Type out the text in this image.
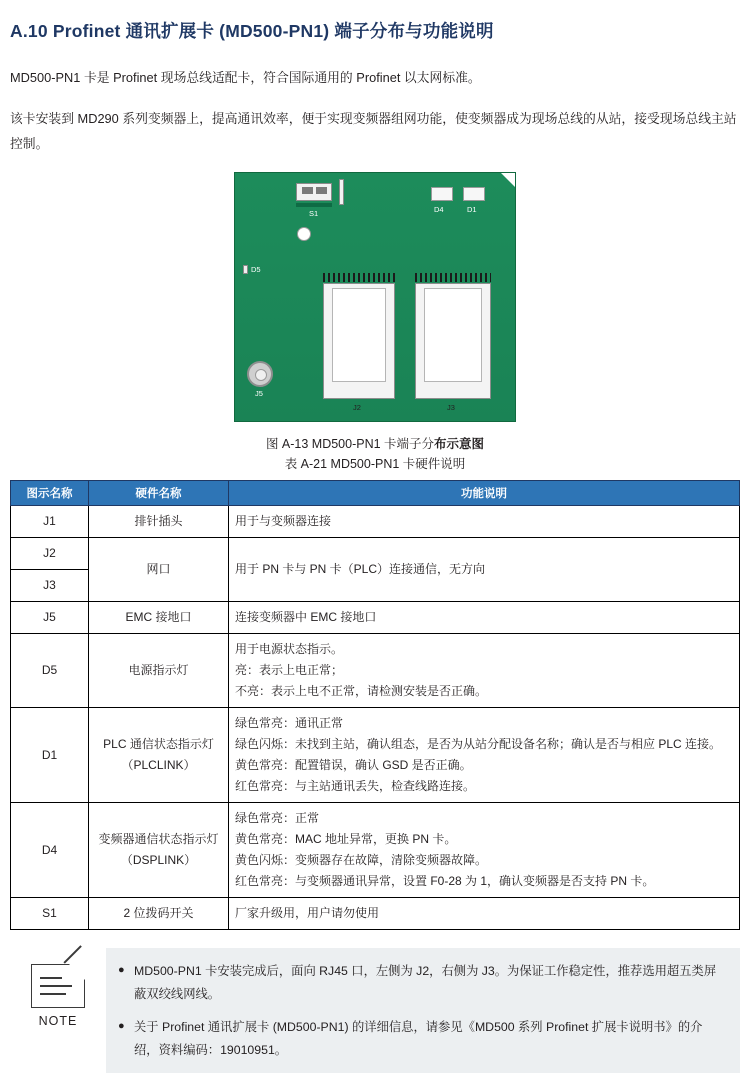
A.10 Profinet 通讯扩展卡 (MD500-PN1) 端子分布与功能说明

MD500-PN1 卡是 Profinet 现场总线适配卡，符合国际通用的 Profinet 以太网标准。

该卡安装到 MD290 系列变频器上，提高通讯效率，便于实现变频器组网功能，使变频器成为现场总线的从站，接受现场总线主站控制。

S1	D4	D1
D5
J5
J2	J3
图 A-13 MD500-PN1 卡端子分布示意图
表 A-21 MD500-PN1 卡硬件说明
图示名称	硬件名称	功能说明
J1	排针插头	用于与变频器连接
J2	网口	用于 PN 卡与 PN 卡（PLC）连接通信，无方向
J3		
J5	EMC 接地口	连接变频器中 EMC 接地口
D5	电源指示灯	用于电源状态指示。
亮：表示上电正常；
不亮：表示上电不正常，请检测安装是否正确。

D1	PLC 通信状态指示灯（PLCLINK）	绿色常亮：通讯正常
绿色闪烁：未找到主站，确认组态，是否为从站分配设备名称；确认是否与相应 PLC 连接。
黄色常亮：配置错误，确认 GSD 是否正确。
红色常亮：与主站通讯丢失，检查线路连接。

D4	变频器通信状态指示灯（DSPLINK）	绿色常亮：正常
黄色常亮：MAC 地址异常，更换 PN 卡。
黄色闪烁：变频器存在故障，清除变频器故障。
红色常亮：与变频器通讯异常，设置 F0-28 为 1，确认变频器是否支持 PN 卡。

S1	2 位拨码开关	厂家升级用，用户请勿使用
NOTE
● MD500-PN1 卡安装完成后，面向 RJ45 口，左侧为 J2，右侧为 J3。为保证工作稳定性，推荐选用超五类屏蔽双绞线网线。
● 关于 Profinet 通讯扩展卡 (MD500-PN1) 的详细信息，请参见《MD500 系列 Profinet 扩展卡说明书》的介绍，资料编码：19010951。
